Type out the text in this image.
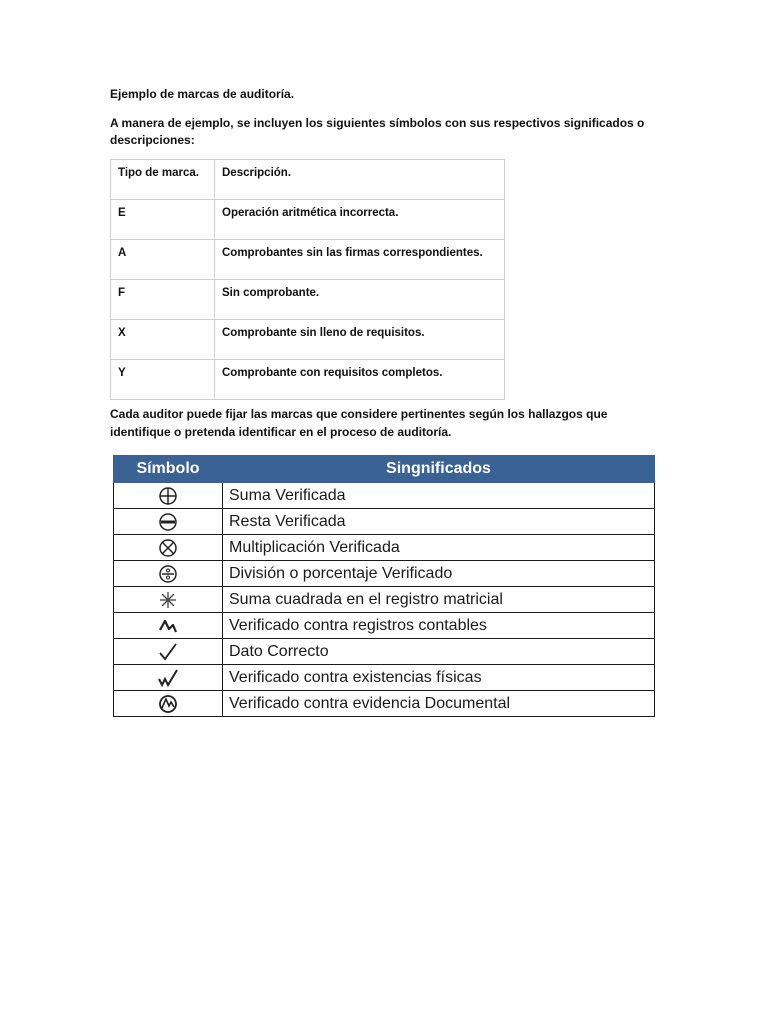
Ejemplo de marcas de auditoría.
A manera de ejemplo, se incluyen los siguientes símbolos con sus respectivos significados o descripciones:
Tipo de marca.	Descripción.
E	Operación aritmética incorrecta.
A	Comprobantes sin las firmas correspondientes.
F	Sin comprobante.
X	Comprobante sin lleno de requisitos.
Y	Comprobante con requisitos completos.
Cada auditor puede fijar las marcas que considere pertinentes según los hallazgos que identifique o pretenda identificar en el proceso de auditoría.
Símbolo	Singnificados

	Suma Verificada

	Resta Verificada

	Multiplicación Verificada

	División o porcentaje Verificado

	Suma cuadrada en el registro matricial

	Verificado contra registros contables

	Dato Correcto

	Verificado contra existencias físicas

	Verificado contra evidencia Documental
